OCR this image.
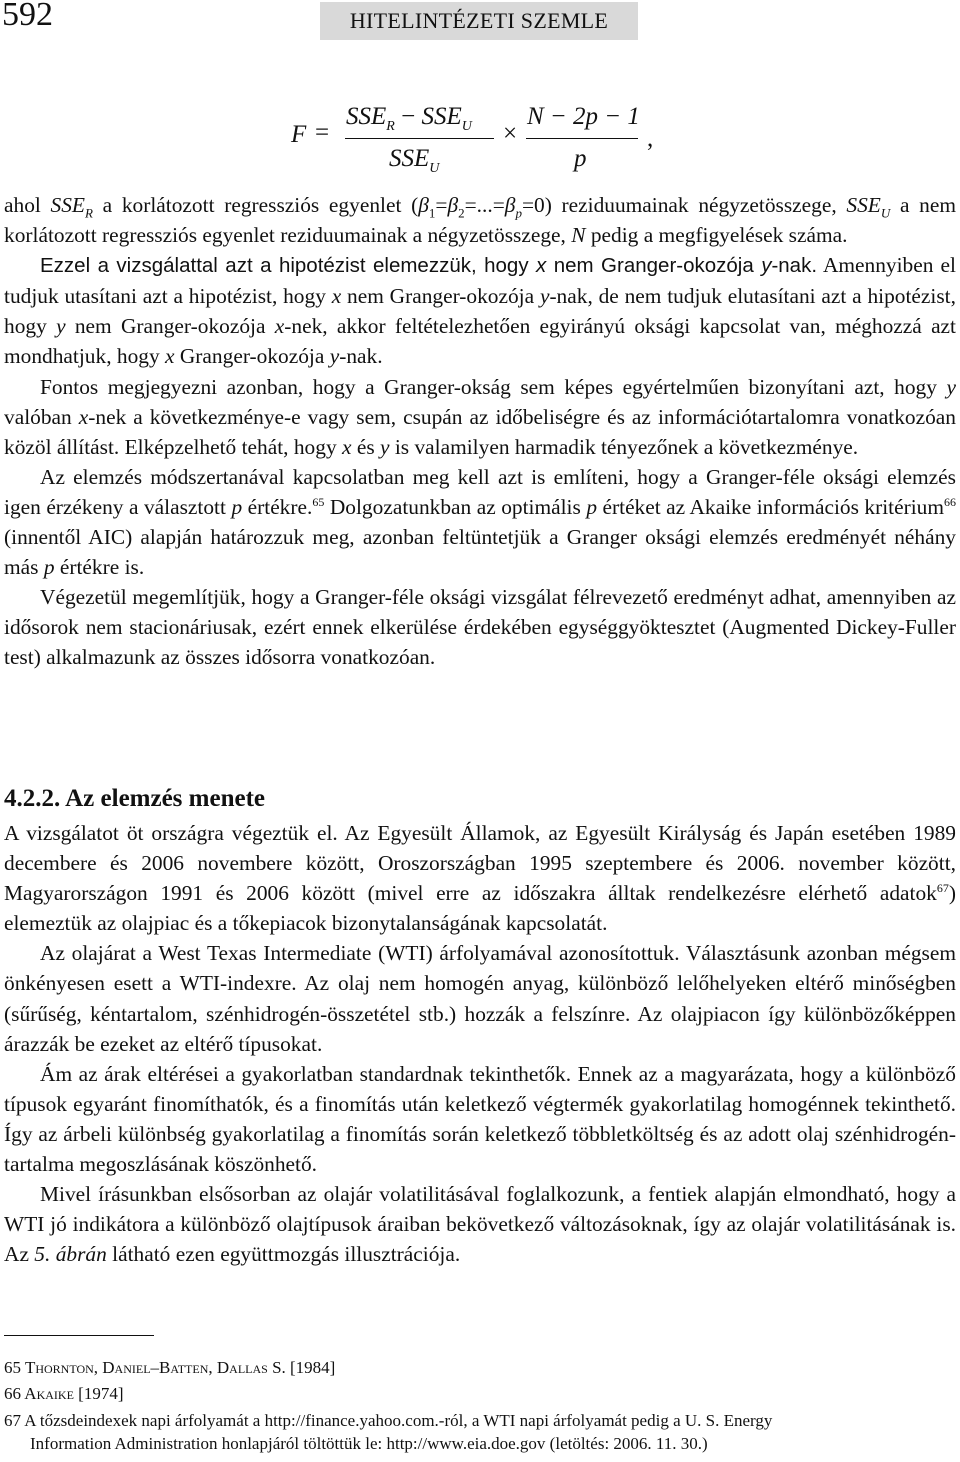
592	HITELINTÉZETI SZEMLE
F =
$SSE_R - SSE_U$
$SSE_U$
×
N − 2p − 1
p
,

ahol $SSE_R$ a korlátozott regressziós egyenlet $(\beta_1=\beta_2=...=\beta_p=0)$ reziduumainak négyzetösszege, $SSE_U$ a nem korlátozott regressziós egyenlet reziduumainak a négyzetösszege, N pedig a megfigyelések száma.

Ezzel a vizsgálattal azt a hipotézist elemezzük, hogy x nem Granger-okozója y-nak. Amennyiben el tudjuk utasítani azt a hipotézist, hogy x nem Granger-okozója y-nak, de nem tudjuk elutasítani azt a hipotézist, hogy y nem Granger-okozója x-nek, akkor feltételezhetően egyirányú oksági kapcsolat van, méghozzá azt mondhatjuk, hogy x Granger-okozója y-nak.

Fontos megjegyezni azonban, hogy a Granger-okság sem képes egyértelműen bizonyítani azt, hogy y valóban x-nek a következménye-e vagy sem, csupán az időbeliségre és az információtartalomra vonatkozóan közöl állítást. Elképzelhető tehát, hogy x és y is valamilyen harmadik tényezőnek a következménye.

Az elemzés módszertanával kapcsolatban meg kell azt is említeni, hogy a Granger-féle oksági elemzés igen érzékeny a választott p értékre.$^{65}$ Dolgozatunkban az optimális p értéket az Akaike információs kritérium$^{66}$ (innentől AIC) alapján határozzuk meg, azonban feltüntetjük a Granger oksági elemzés eredményét néhány más p értékre is.

Végezetül megemlítjük, hogy a Granger-féle oksági vizsgálat félrevezető eredményt adhat, amennyiben az idősorok nem stacionáriusak, ezért ennek elkerülése érdekében egységgyöktesztet (Augmented Dickey-Fuller test) alkalmazunk az összes idősorra vonatkozóan.

4.2.2. Az elemzés menete

A vizsgálatot öt országra végeztük el. Az Egyesült Államok, az Egyesült Királyság és Japán esetében 1989 decembere és 2006 novembere között, Oroszországban 1995 szeptembere és 2006. november között, Magyarországon 1991 és 2006 között (mivel erre az időszakra álltak rendelkezésre elérhető adatok$^{67}$) elemeztük az olajpiac és a tőkepiacok bizonytalanságának kapcsolatát.

Az olajárat a West Texas Intermediate (WTI) árfolyamával azonosítottuk. Választásunk azonban mégsem önkényesen esett a WTI-indexre. Az olaj nem homogén anyag, különböző lelőhelyeken eltérő minőségben (sűrűség, kéntartalom, szénhidrogén-összetétel stb.) hozzák a felszínre. Az olajpiacon így különbözőképpen árazzák be ezeket az eltérő típusokat.

Ám az árak eltérései a gyakorlatban standardnak tekinthetők. Ennek az a magyarázata, hogy a különböző típusok egyaránt finomíthatók, és a finomítás után keletkező végtermék gyakorlatilag homogénnek tekinthető. Így az árbeli különbség gyakorlatilag a finomítás során keletkező többletköltség és az adott olaj szénhidrogén-tartalma megoszlásának köszönhető.

Mivel írásunkban elsősorban az olajár volatilitásával foglalkozunk, a fentiek alapján elmondható, hogy a WTI jó indikátora a különböző olajtípusok áraiban bekövetkező változásoknak, így az olajár volatilitásának is. Az 5. ábrán látható ezen együttmozgás illusztrációja.

65 Thornton, Daniel–Batten, Dallas S. [1984]
66 Akaike [1974]
67 A tőzsdeindexek napi árfolyamát a http://finance.yahoo.com.-ról, a WTI napi árfolyamát pedig a U. S. Energy
Information Administration honlapjáról töltöttük le: http://www.eia.doe.gov (letöltés: 2006. 11. 30.)
